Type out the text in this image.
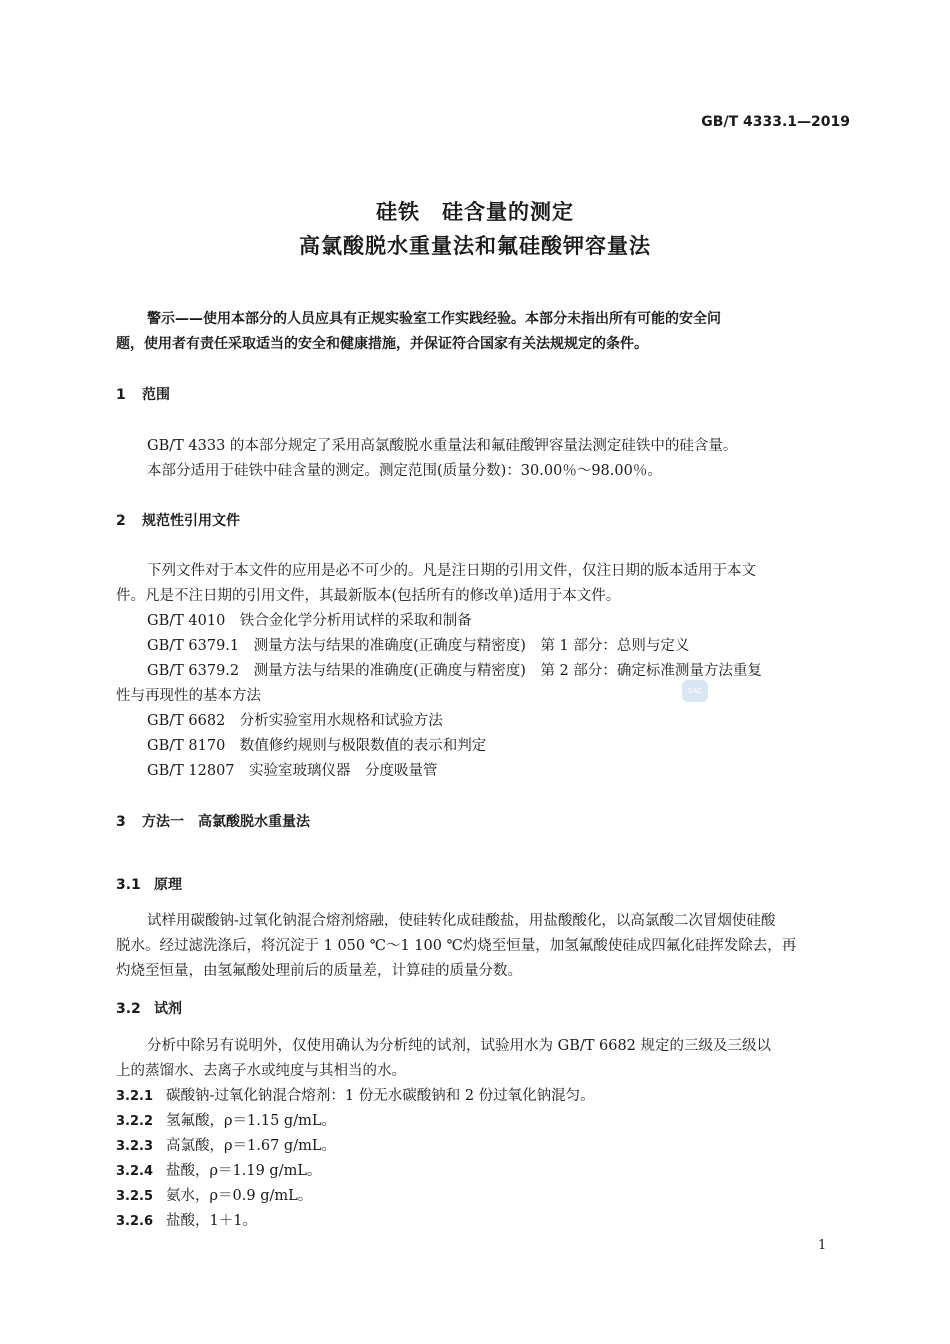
GB/T 4333.1—2019
硅铁　硅含量的测定
高氯酸脱水重量法和氟硅酸钾容量法
警示——使用本部分的人员应具有正规实验室工作实践经验。本部分未指出所有可能的安全问
题，使用者有责任采取适当的安全和健康措施，并保证符合国家有关法规规定的条件。
1 范围
GB/T 4333 的本部分规定了采用高氯酸脱水重量法和氟硅酸钾容量法测定硅铁中的硅含量。
本部分适用于硅铁中硅含量的测定。测定范围(质量分数)：30.00％～98.00％。
2 规范性引用文件
下列文件对于本文件的应用是必不可少的。凡是注日期的引用文件，仅注日期的版本适用于本文
件。凡是不注日期的引用文件，其最新版本(包括所有的修改单)适用于本文件。
GB/T 4010　铁合金化学分析用试样的采取和制备
GB/T 6379.1　测量方法与结果的准确度(正确度与精密度)　第 1 部分：总则与定义
GB/T 6379.2　测量方法与结果的准确度(正确度与精密度)　第 2 部分：确定标准测量方法重复
性与再现性的基本方法
GB/T 6682　分析实验室用水规格和试验方法
GB/T 8170　数值修约规则与极限数值的表示和判定
GB/T 12807　实验室玻璃仪器　分度吸量管
SAC
3 方法一　高氯酸脱水重量法
3.1 原理
试样用碳酸钠-过氧化钠混合熔剂熔融，使硅转化成硅酸盐，用盐酸酸化，以高氯酸二次冒烟使硅酸
脱水。经过滤洗涤后，将沉淀于 1 050 ℃～1 100 ℃灼烧至恒量，加氢氟酸使硅成四氟化硅挥发除去，再
灼烧至恒量，由氢氟酸处理前后的质量差，计算硅的质量分数。
3.2 试剂
分析中除另有说明外，仅使用确认为分析纯的试剂，试验用水为 GB/T 6682 规定的三级及三级以
上的蒸馏水、去离子水或纯度与其相当的水。
3.2.1 碳酸钠-过氧化钠混合熔剂：1 份无水碳酸钠和 2 份过氧化钠混匀。
3.2.2 氢氟酸，ρ＝1.15 g/mL。
3.2.3 高氯酸，ρ＝1.67 g/mL。
3.2.4 盐酸，ρ＝1.19 g/mL。
3.2.5 氨水，ρ＝0.9 g/mL。
3.2.6 盐酸，1＋1。
1
